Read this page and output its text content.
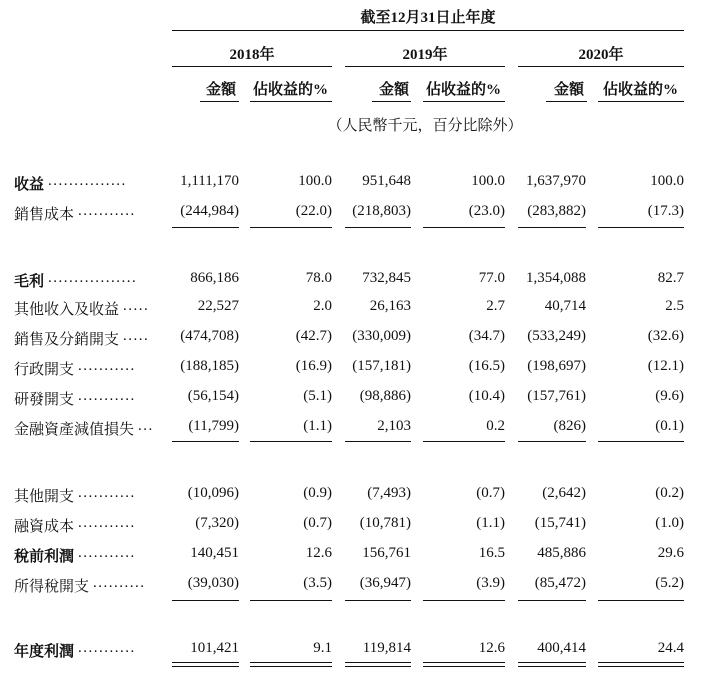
截至12月31日止年度
2018年	2019年	2020年
金額 佔收益的%	金額 佔收益的%	金額	佔收益的%
（人民幣千元，百分比除外）
收益 ...............	1,111,170	100.0 951,648	100.0 1,637,970	100.0
銷售成本 ...........	(244,984)	(22.0) (218,803)	(23.0) (283,882)	(17.3)
毛利 .................	866,186	78.0 732,845	77.0 1,354,088	82.7
其他收入及收益 .....	22,527	2.0	26,163	2.7	40,714	2.5
銷售及分銷開支 ..... (474,708)	(42.7) (330,009)	(34.7) (533,249)	(32.6)
行政開支 ...........	(188,185)	(16.9) (157,181)	(16.5) (198,697)	(12.1)
研發開支 ...........	(56,154)	(5.1) (98,886)	(10.4) (157,761)	(9.6)
金融資產減值損失 ... (11,799)	(1.1)	2,103	0.2	(826)	(0.1)
其他開支 ...........	(10,096)	(0.9) (7,493)	(0.7) (2,642)	(0.2)
融資成本 ...........	(7,320)	(0.7) (10,781)	(1.1) (15,741)	(1.0)
稅前利潤 ...........	140,451	12.6 156,761	16.5 485,886	29.6
所得稅開支 ..........	(39,030)	(3.5) (36,947)	(3.9) (85,472)	(5.2)
年度利潤 ...........	101,421	9.1 119,814	12.6 400,414	24.4
